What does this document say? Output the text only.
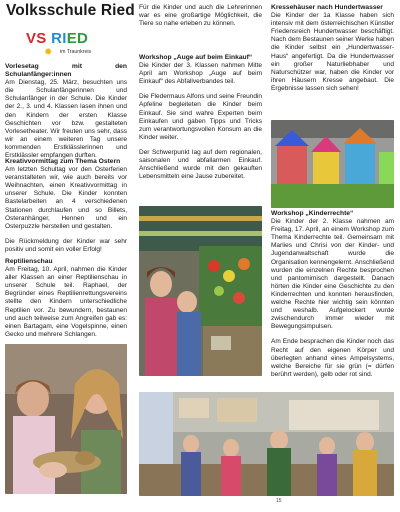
Volksschule Ried
VS RIED
✹ im Traunkreis
Vorlesetag mit den Schulanfänger:innen
Am Dienstag, 25. März, besuchten uns die Schulanfängerinnen und Schulanfänger in der Schule. Die Kinder der 2., 3. und 4. Klassen lasen ihnen und den Kindern der ersten Klasse Geschichten vor bzw. gestalteten Vorlesetheater. Wir freuten uns sehr, dass wir an einem weiteren Tag unsere kommenden Erstklässlerinnen und Erstklässler empfangen durften.
Kreativvormittag zum Thema Ostern
Am letzten Schultag vor den Osterferien veranstalteten wir, wie auch bereits vor Weihnachten, einen Kreativvormittag in unserer Schule. Die Kinder konnten Bastelarbeiten an 4 verschiedenen Stationen durchlaufen und so Billets, Osteranhänger, Hennen und ein Osterpuzzle herstellen und gestalten.
Die Rückmeldung der Kinder war sehr positiv und somit ein voller Erfolg!
Reptilienschau
Am Freitag, 10. April, nahmen die Kinder aller Klassen an einer Reptilienschau in unserer Schule teil. Raphael, der Begründer eines Reptilienrettungsvereins stellte den Kindern unterschiedliche Reptilien vor. Zu bewundern, bestaunen und auch teilweise zum Angreifen gab es: einen Bartagam, eine Vogelspinne, einen Gecko und mehrere Schlangen.
Für die Kinder und auch die Lehrerinnen war es eine großartige Möglichkeit, die Tiere so nahe erleben zu können.
Workshop „Auge auf beim Einkauf“
Die Kinder der 3. Klassen nahmen Mitte April am Workshop „Auge auf beim Einkauf“ des Abfallverbandes teil.
Die Fledermaus Alfons und seine Freundin Apfeline begleiteten die Kinder beim Einkauf. Sie sind wahre Experten beim Einkaufen und gaben Tipps und Tricks zum verantwortungsvollen Konsum an die Kinder weiter.
Der Schwerpunkt lag auf dem regionalen, saisonalen und abfallarmen Einkauf. Anschließend wurde mit den gekauften Lebensmitteln eine Jause zubereitet.
Kressehäuser nach Hundertwasser
Die Kinder der 1a Klasse haben sich intensiv mit dem österreichischen Künstler Friedensreich Hundertwasser beschäftigt. Nach dem Bestaunen seiner Werke haben die Kinder selbst ein „Hundertwasser-Haus“ angefertigt. Da die Hundertwasser ein großer Naturliebhaber und Naturschützer war, haben die Kinder vor ihren Häusern Kresse angebaut. Die Ergebnisse lassen sich sehen!
Workshop „Kinderrechte“
Die Kinder der 2. Klasse nahmen am Freitag, 17. April, an einem Workshop zum Thema Kinderrechte teil. Gemeinsam mit Marlies und Chrisi von der Kinder- und Jugendanwaltschaft wurde die Organisation kennengelernt. Anschließend wurden die einzelnen Rechte besprochen und pantomimisch dargestellt. Danach hörten die Kinder eine Geschichte zu den Kinderrechten und konnten herausfinden, welche Rechte hier wichtig sein könnten und weshalb. Aufgelockert wurde zwischendurch immer wieder mit Bewegungsimpulsen.
Am Ende besprachen die Kinder noch das Recht auf den eigenen Körper und überlegten anhand eines Ampelsystems, welche Bereiche für sie grün (= dürfen berührt werden), gelb oder rot sind.
15
